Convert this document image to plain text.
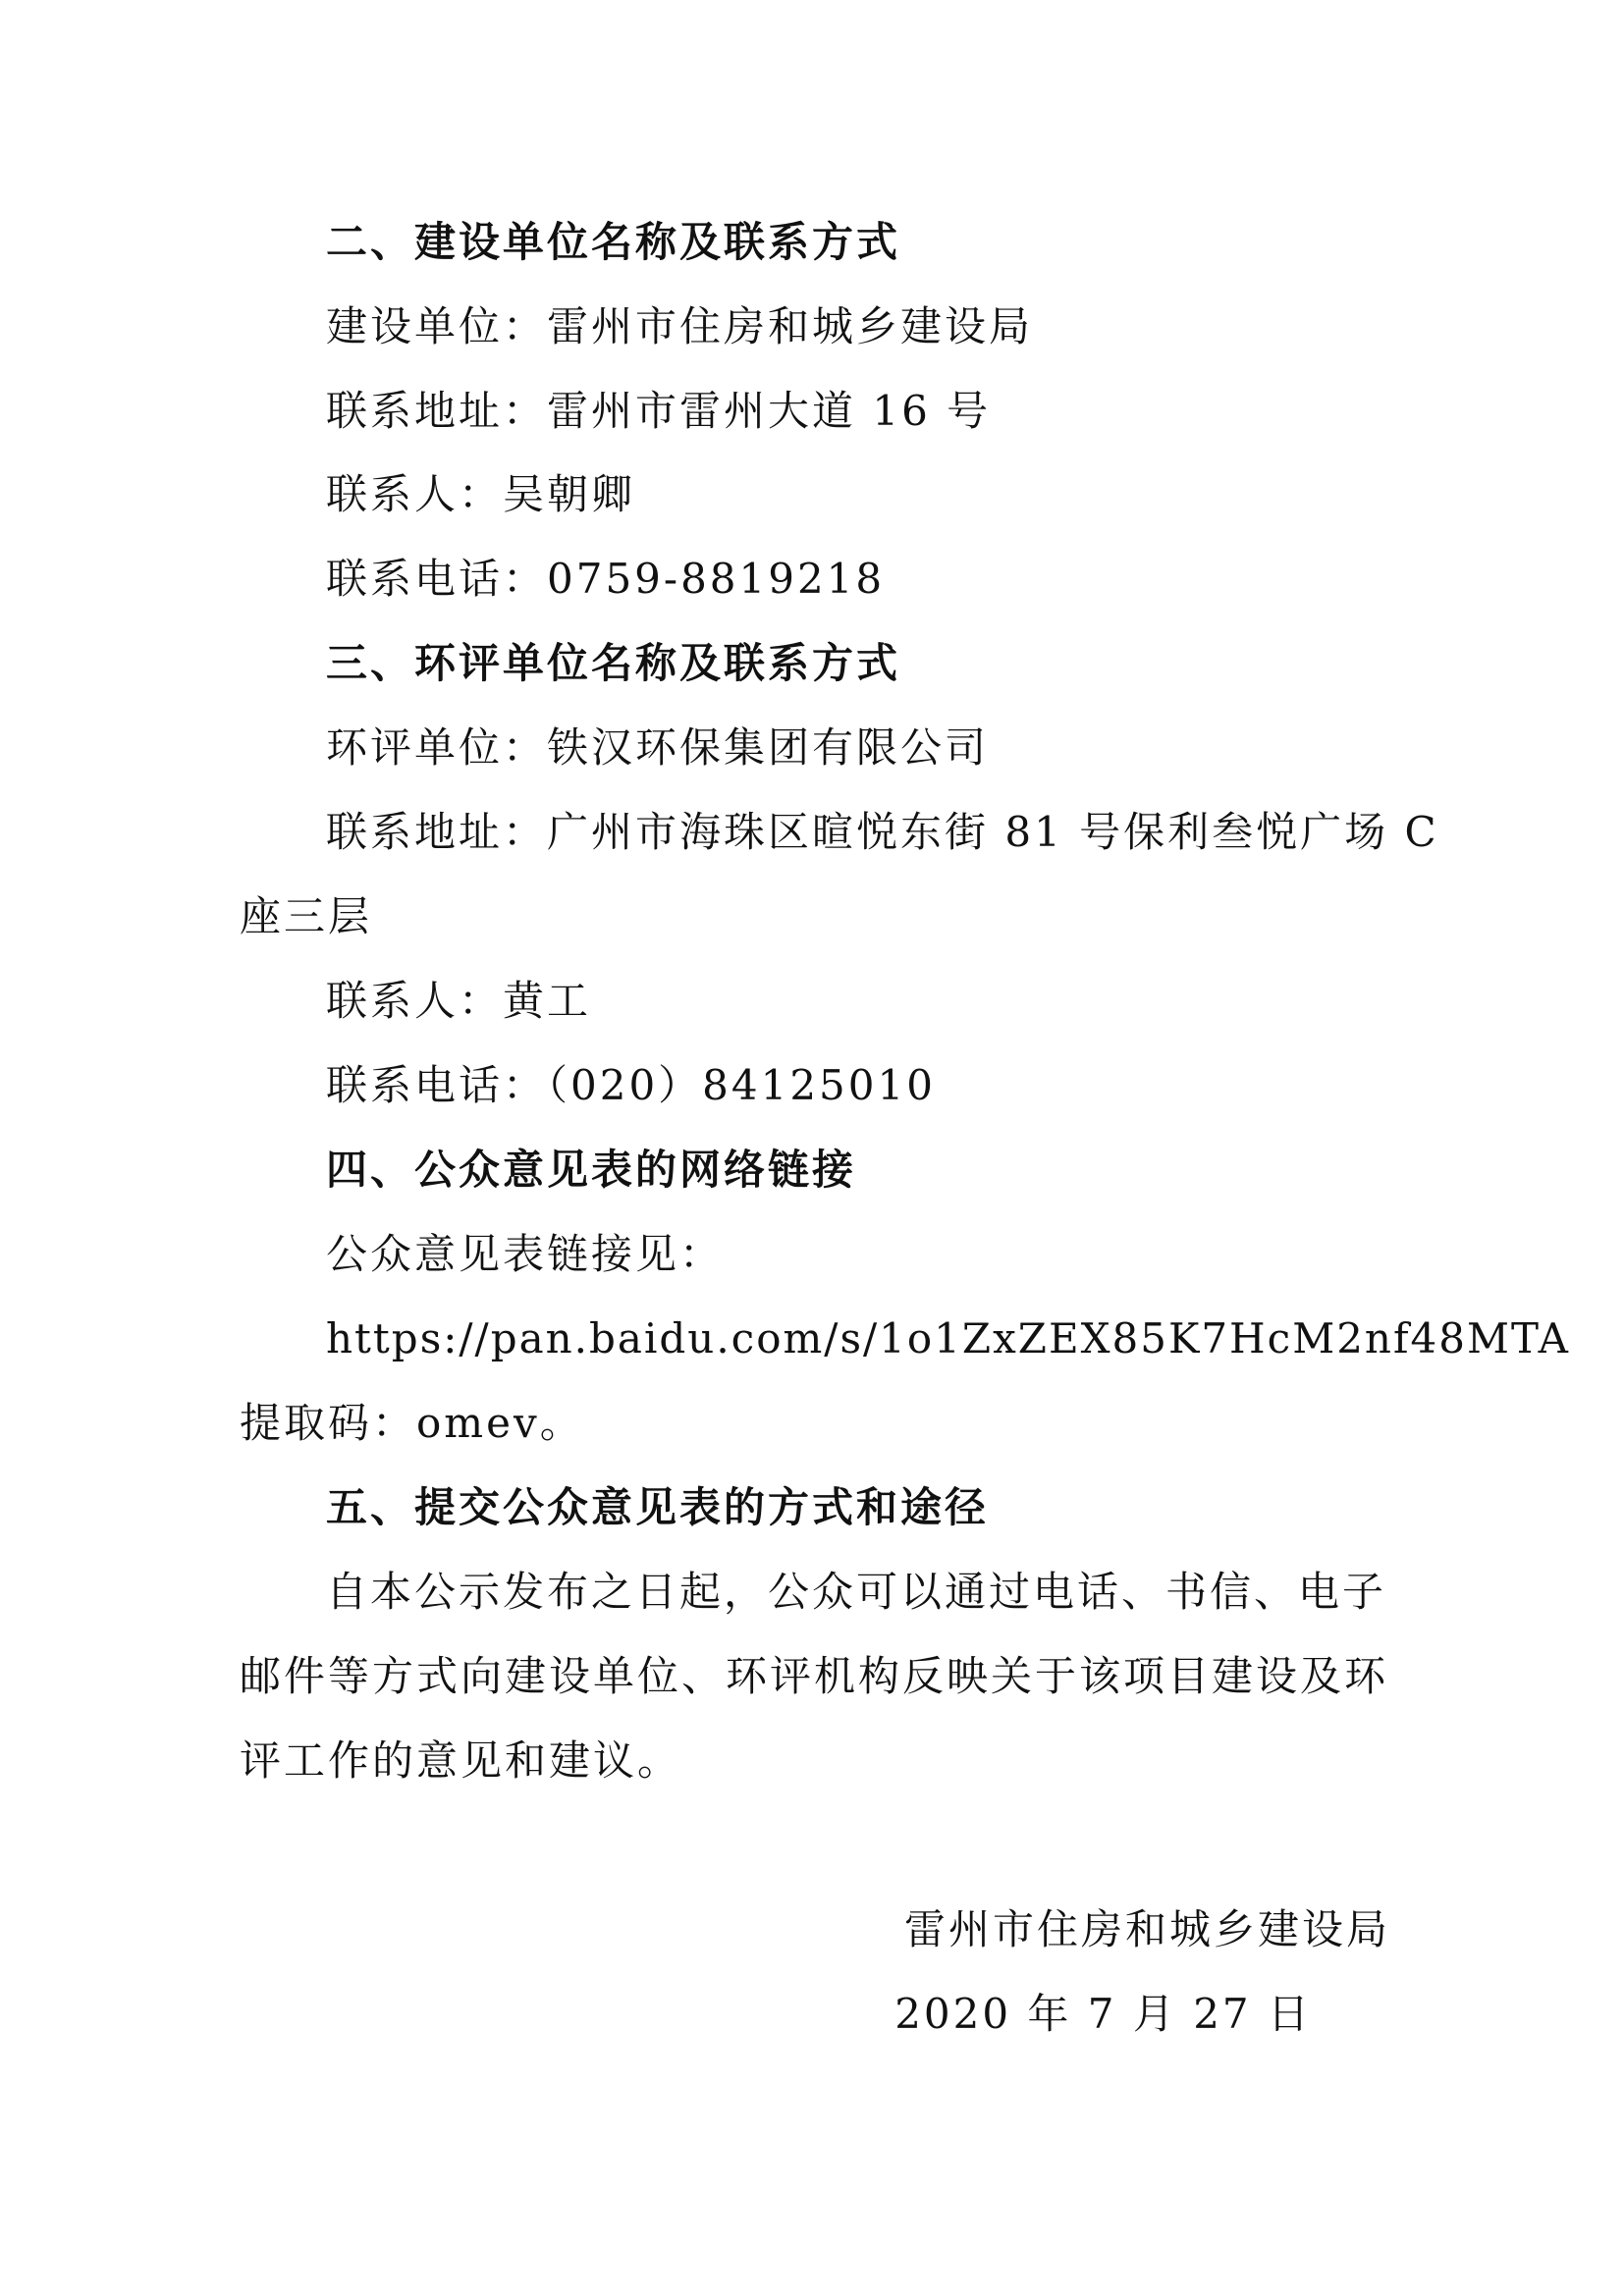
二、建设单位名称及联系方式
建设单位：雷州市住房和城乡建设局
联系地址：雷州市雷州大道 16 号
联系人：吴朝卿
联系电话：0759-8819218
三、环评单位名称及联系方式
环评单位：铁汉环保集团有限公司
联系地址：广州市海珠区暄悦东街 81 号保利叁悦广场 C
座三层
联系人：黄工
联系电话：（020）84125010
四、公众意见表的网络链接
公众意见表链接见：
https://pan.baidu.com/s/1o1ZxZEX85K7HcM2nf48MTA
提取码：omev。
五、提交公众意见表的方式和途径
自本公示发布之日起，公众可以通过电话、书信、电子
邮件等方式向建设单位、环评机构反映关于该项目建设及环
评工作的意见和建议。
雷州市住房和城乡建设局
2020 年 7 月 27 日
